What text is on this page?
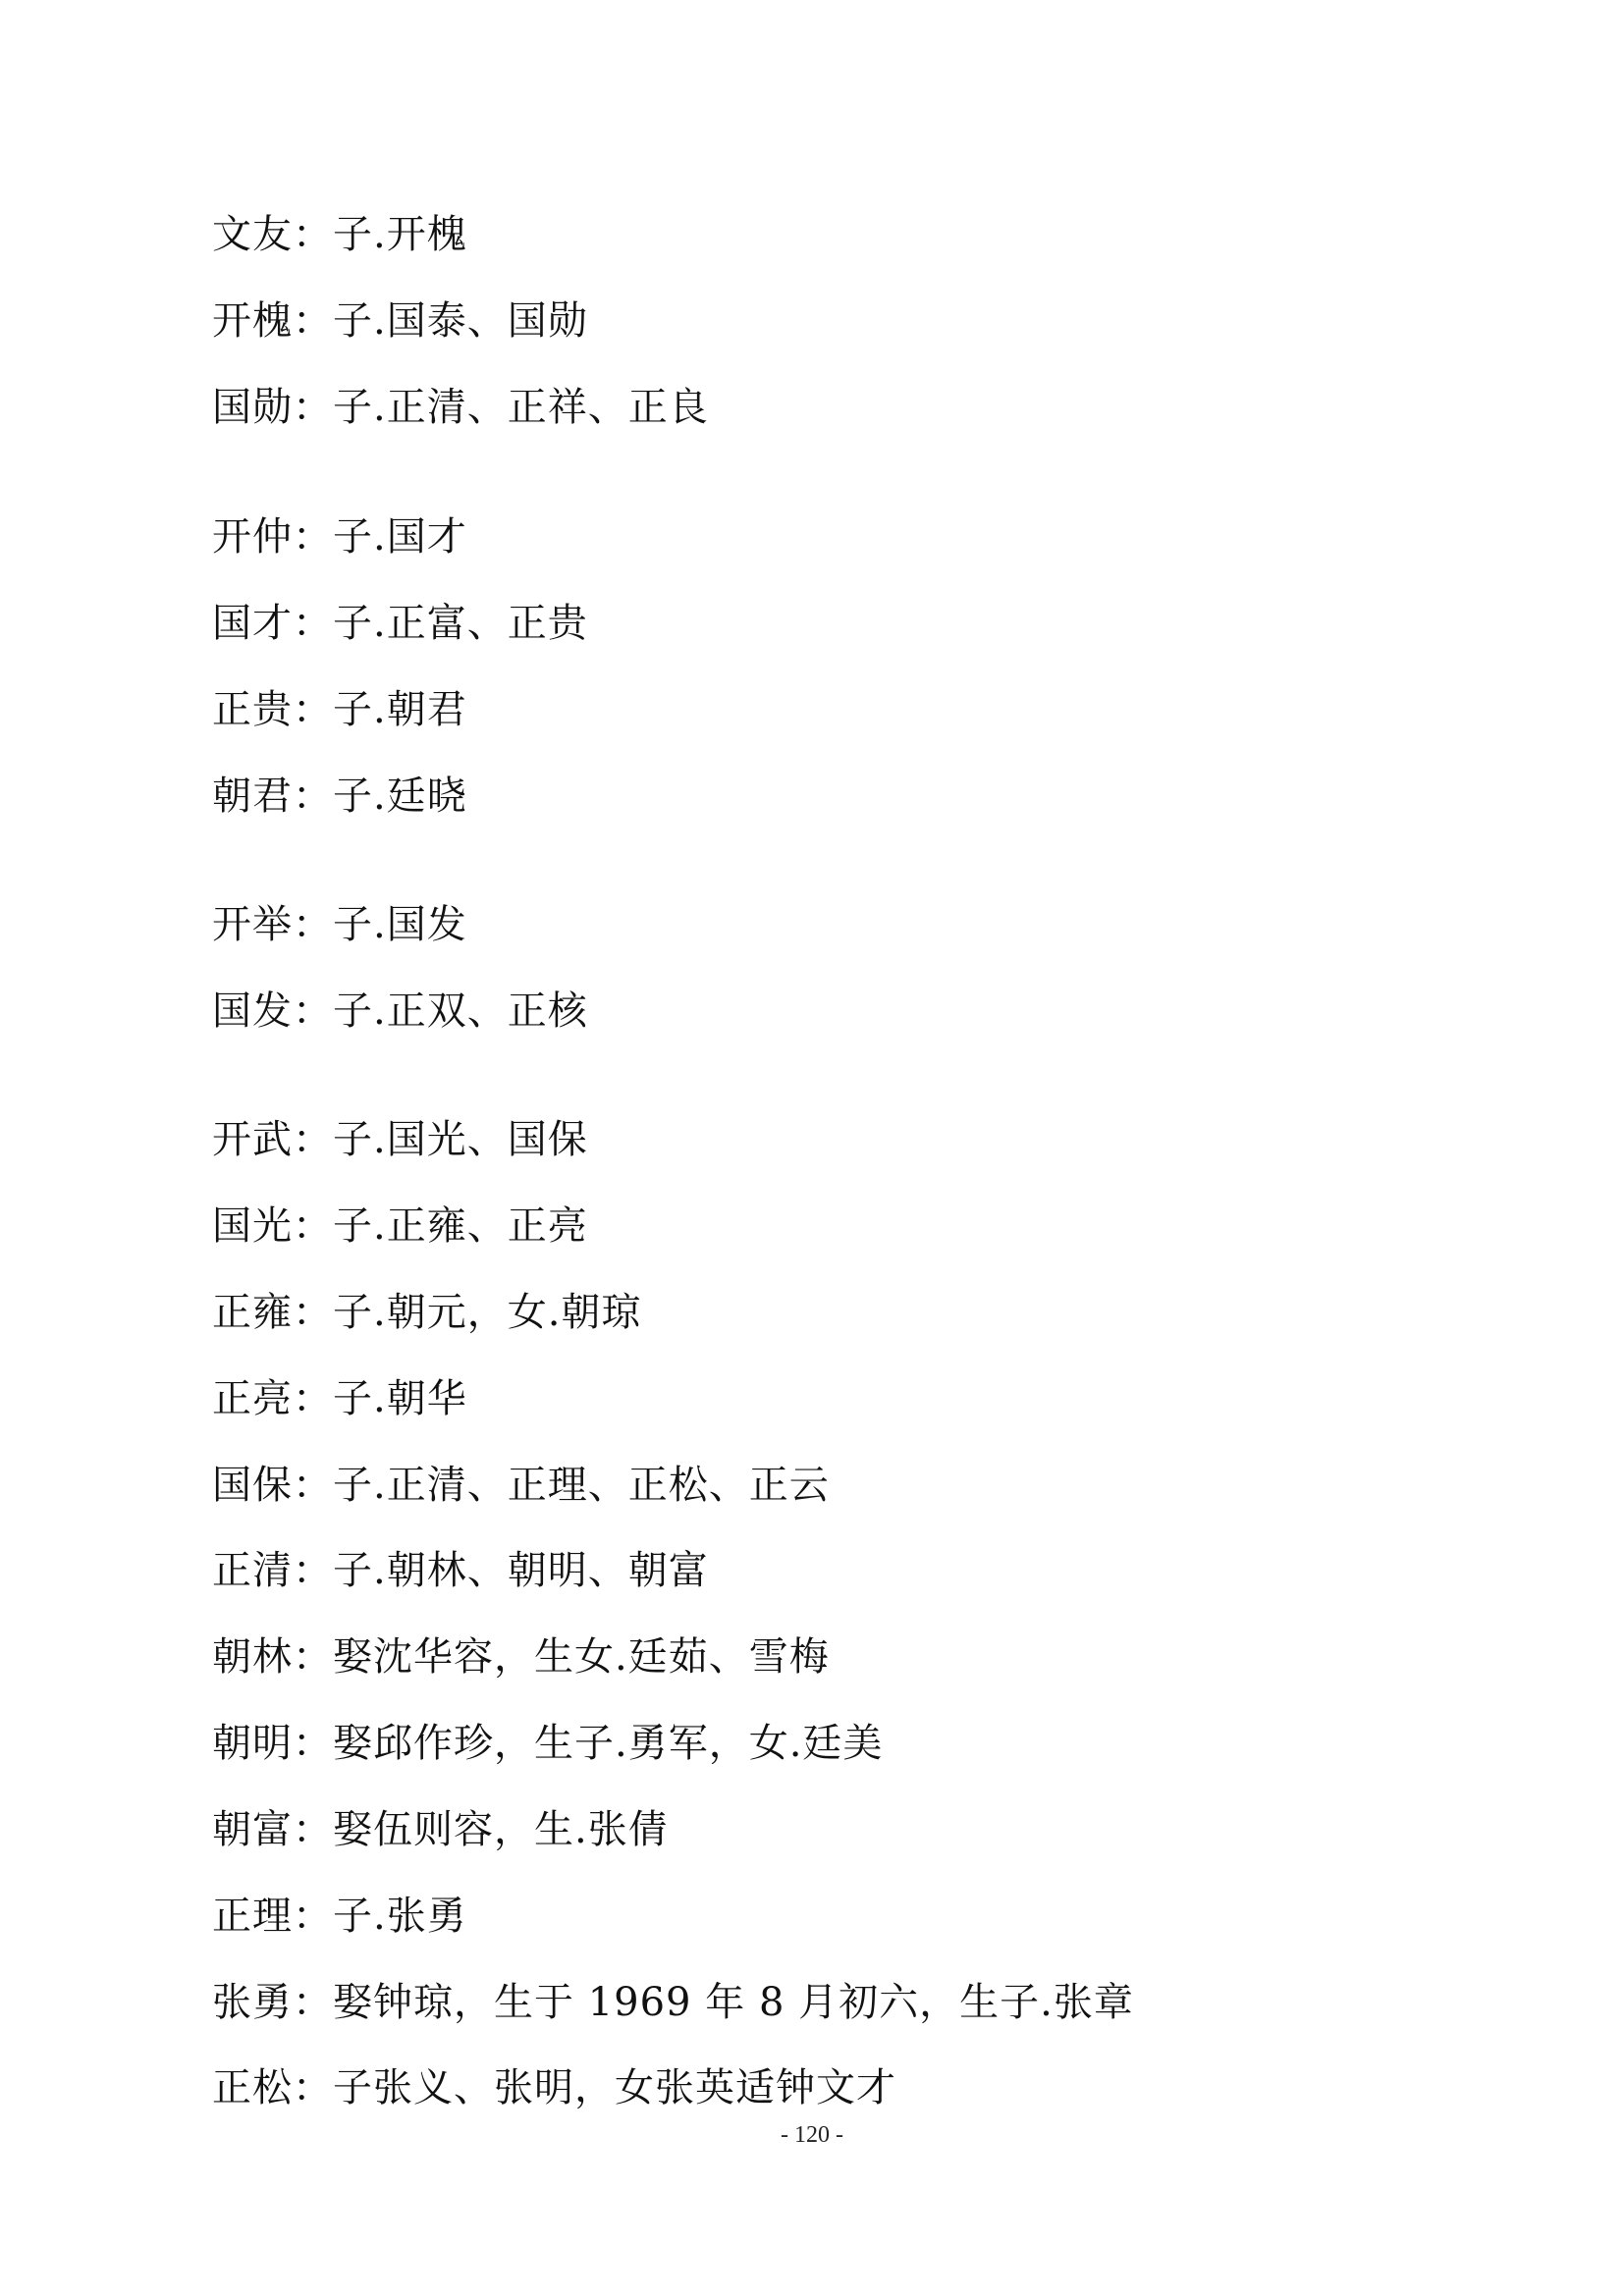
文友：子.开槐
开槐：子.国泰、国勋
国勋：子.正清、正祥、正良
开仲：子.国才
国才：子.正富、正贵
正贵：子.朝君
朝君：子.廷晓
开举：子.国发
国发：子.正双、正核
开武：子.国光、国保
国光：子.正雍、正亮
正雍：子.朝元，女.朝琼
正亮：子.朝华
国保：子.正清、正理、正松、正云
正清：子.朝林、朝明、朝富
朝林：娶沈华容，生女.廷茹、雪梅
朝明：娶邱作珍，生子.勇军，女.廷美
朝富：娶伍则容，生.张倩
正理：子.张勇
张勇：娶钟琼，生于 1969 年 8 月初六，生子.张章
正松：子张义、张明，女张英适钟文才
- 120 -
